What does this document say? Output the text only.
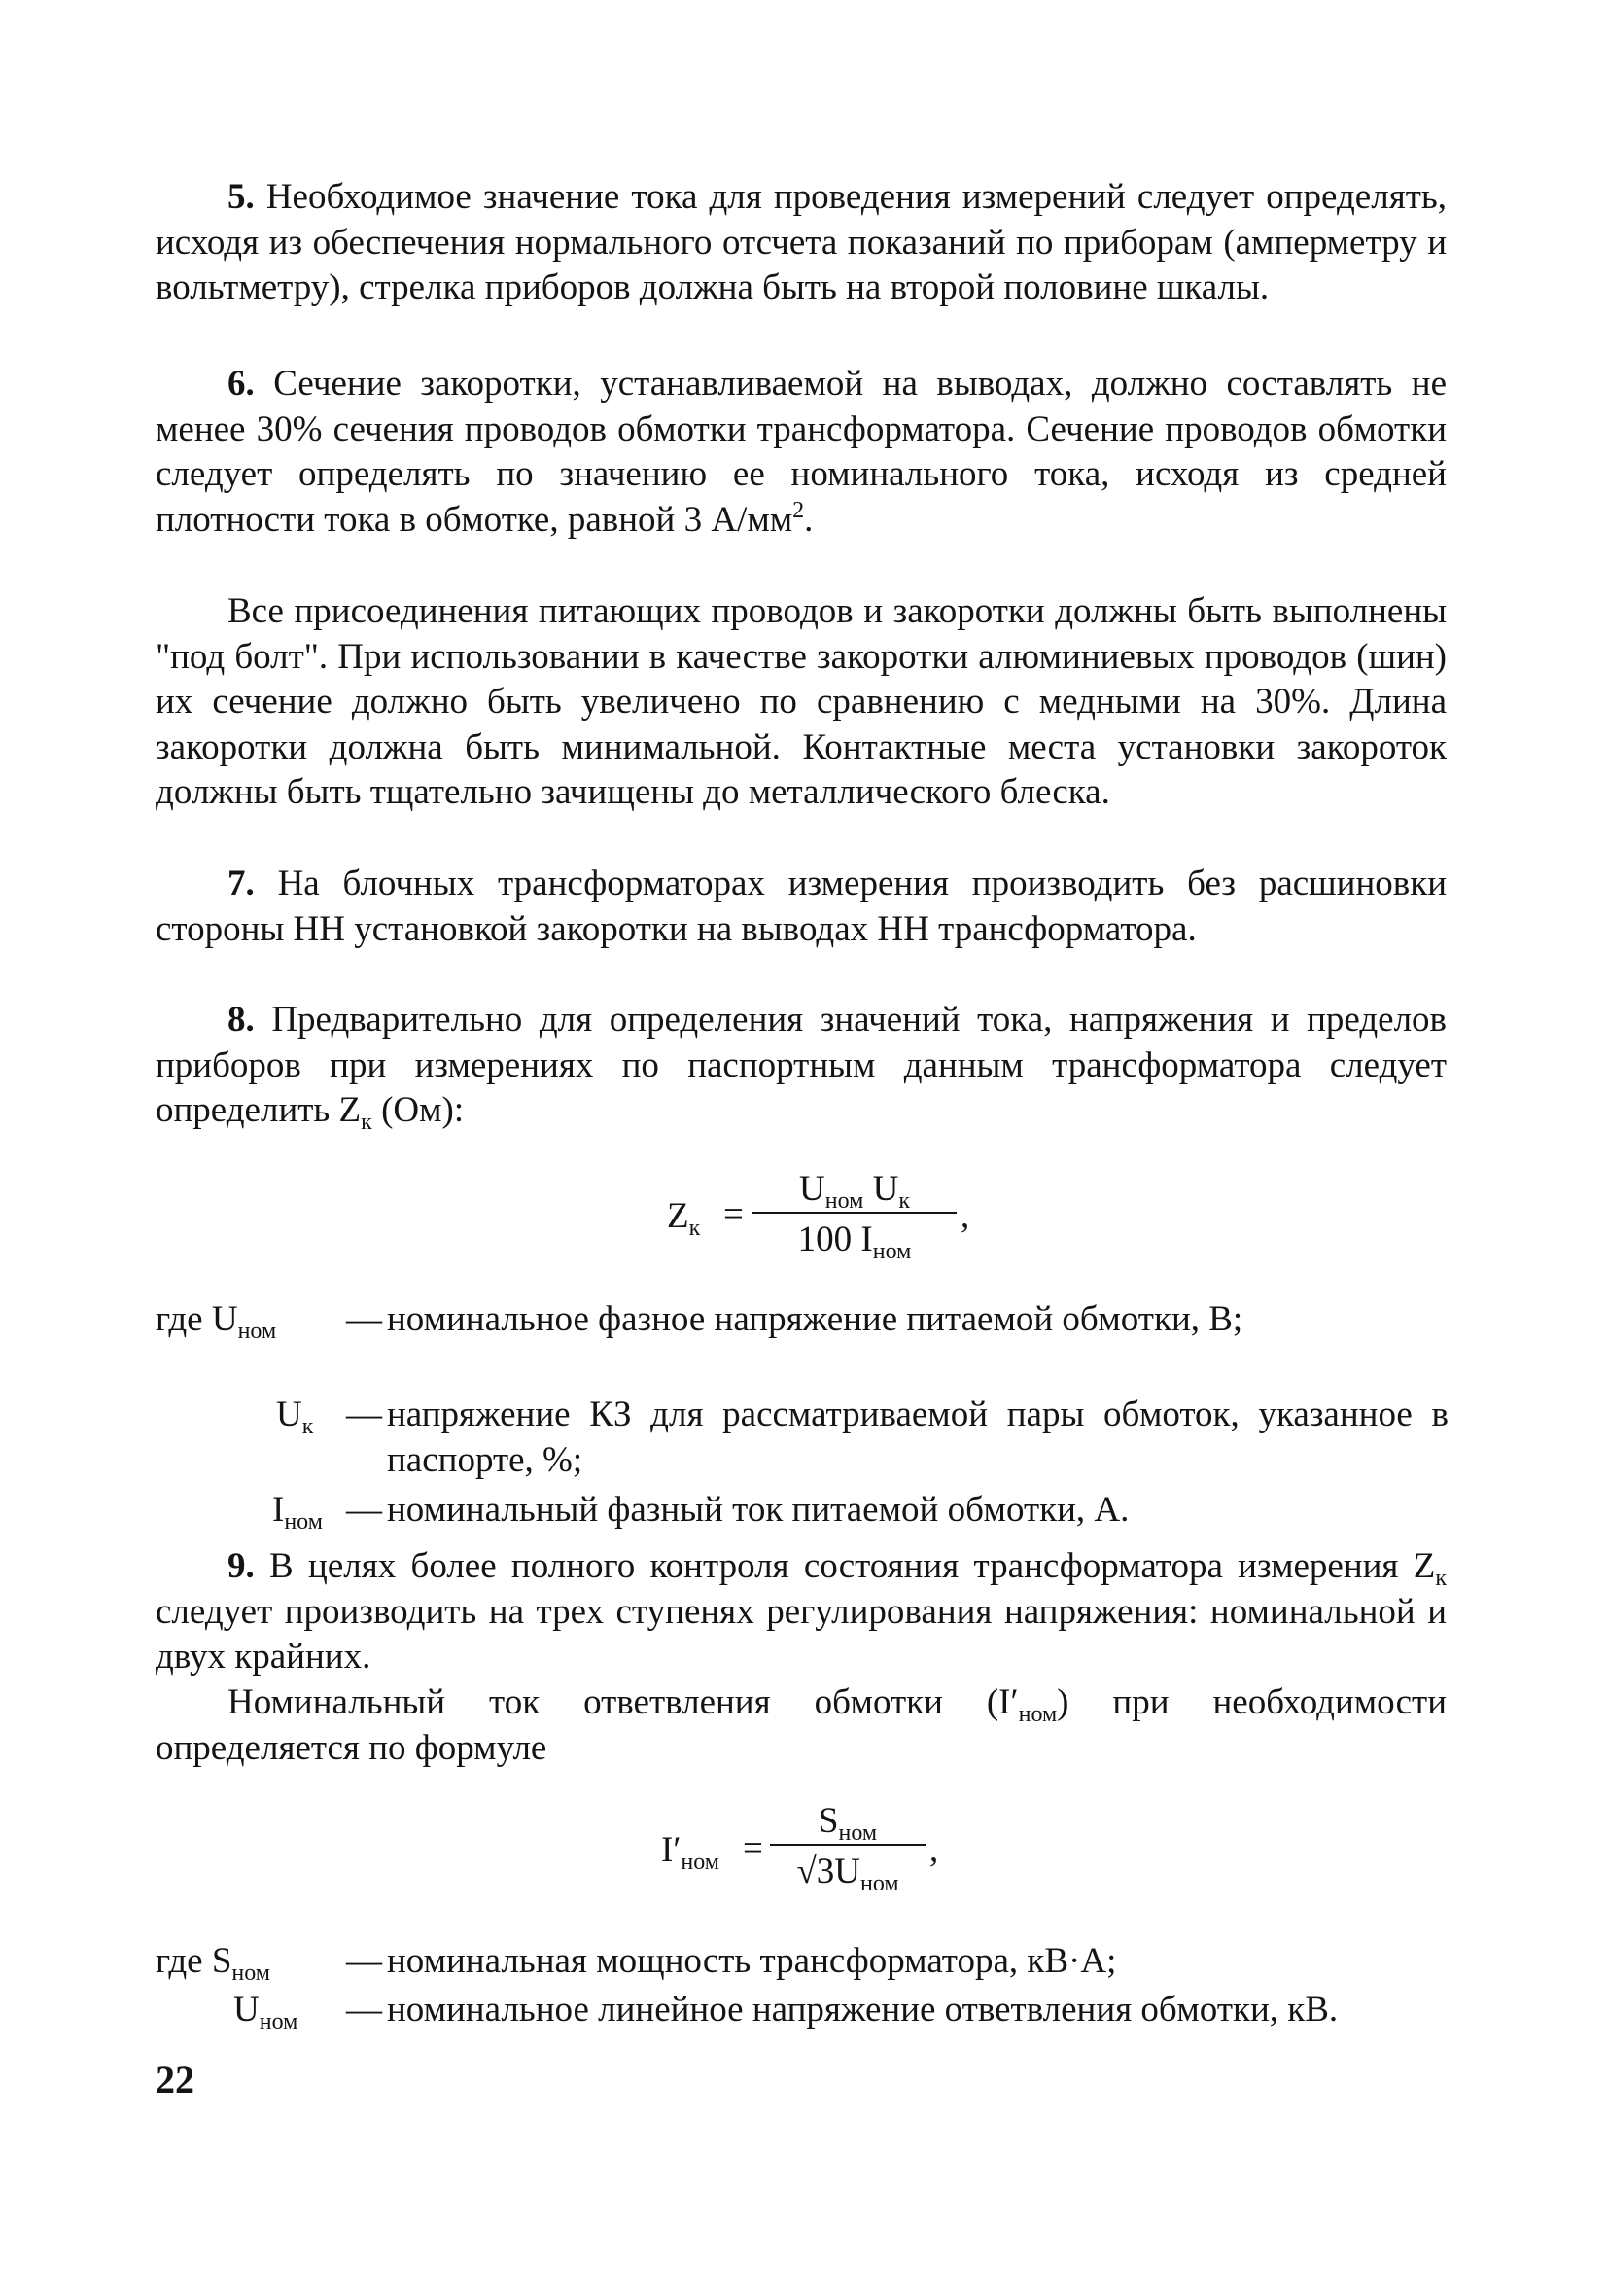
5. Необходимое значение тока для проведения измерений следует определять, исходя из обеспечения нормального отсчета показаний по приборам (амперметру и вольтметру), стрелка приборов должна быть на второй половине шкалы.
6. Сечение закоротки, устанавливаемой на выводах, должно составлять не менее 30% сечения проводов обмотки трансформатора. Сечение проводов обмотки следует определять по значению ее номинального тока, исходя из средней плотности тока в обмотке, равной 3 $А/мм^2$.
Все присоединения питающих проводов и закоротки должны быть выполнены "под болт". При использовании в качестве закоротки алюминиевых проводов (шин) их сечение должно быть увеличено по сравнению с медными на 30%. Длина закоротки должна быть минимальной. Контактные места установки закороток должны быть тщательно зачищены до металлического блеска.
7. На блочных трансформаторах измерения производить без расшиновки стороны НН установкой закоротки на выводах НН трансформатора.
8. Предварительно для определения значений тока, напряжения и пределов приборов при измерениях по паспортным данным трансформатора следует определить $Z_к$ (Ом):
$Z_к$ =
$U_{ном}$ $U_к$
100 $I_{ном}$
,
где $U_{ном}$ — номинальное фазное напряжение питаемой обмотки, В;
$U_к$ — напряжение КЗ для рассматриваемой пары обмоток, указанное в паспорте, %;
$I_{ном}$ — номинальный фазный ток питаемой обмотки, А.
9. В целях более полного контроля состояния трансформатора измерения $Z_к$ следует производить на трех ступенях регулирования напряжения: номинальной и двух крайних.
Номинальный ток ответвления обмотки $(I'_{ном})$ при необходимости определяется по формуле
$I'_{ном}$ =
$S_{ном}$
$√3U_{ном}$
,
где $S_{ном}$ — номинальная мощность трансформатора, кВ·А;
$U_{ном}$ — номинальное линейное напряжение ответвления обмотки, кВ.
22
